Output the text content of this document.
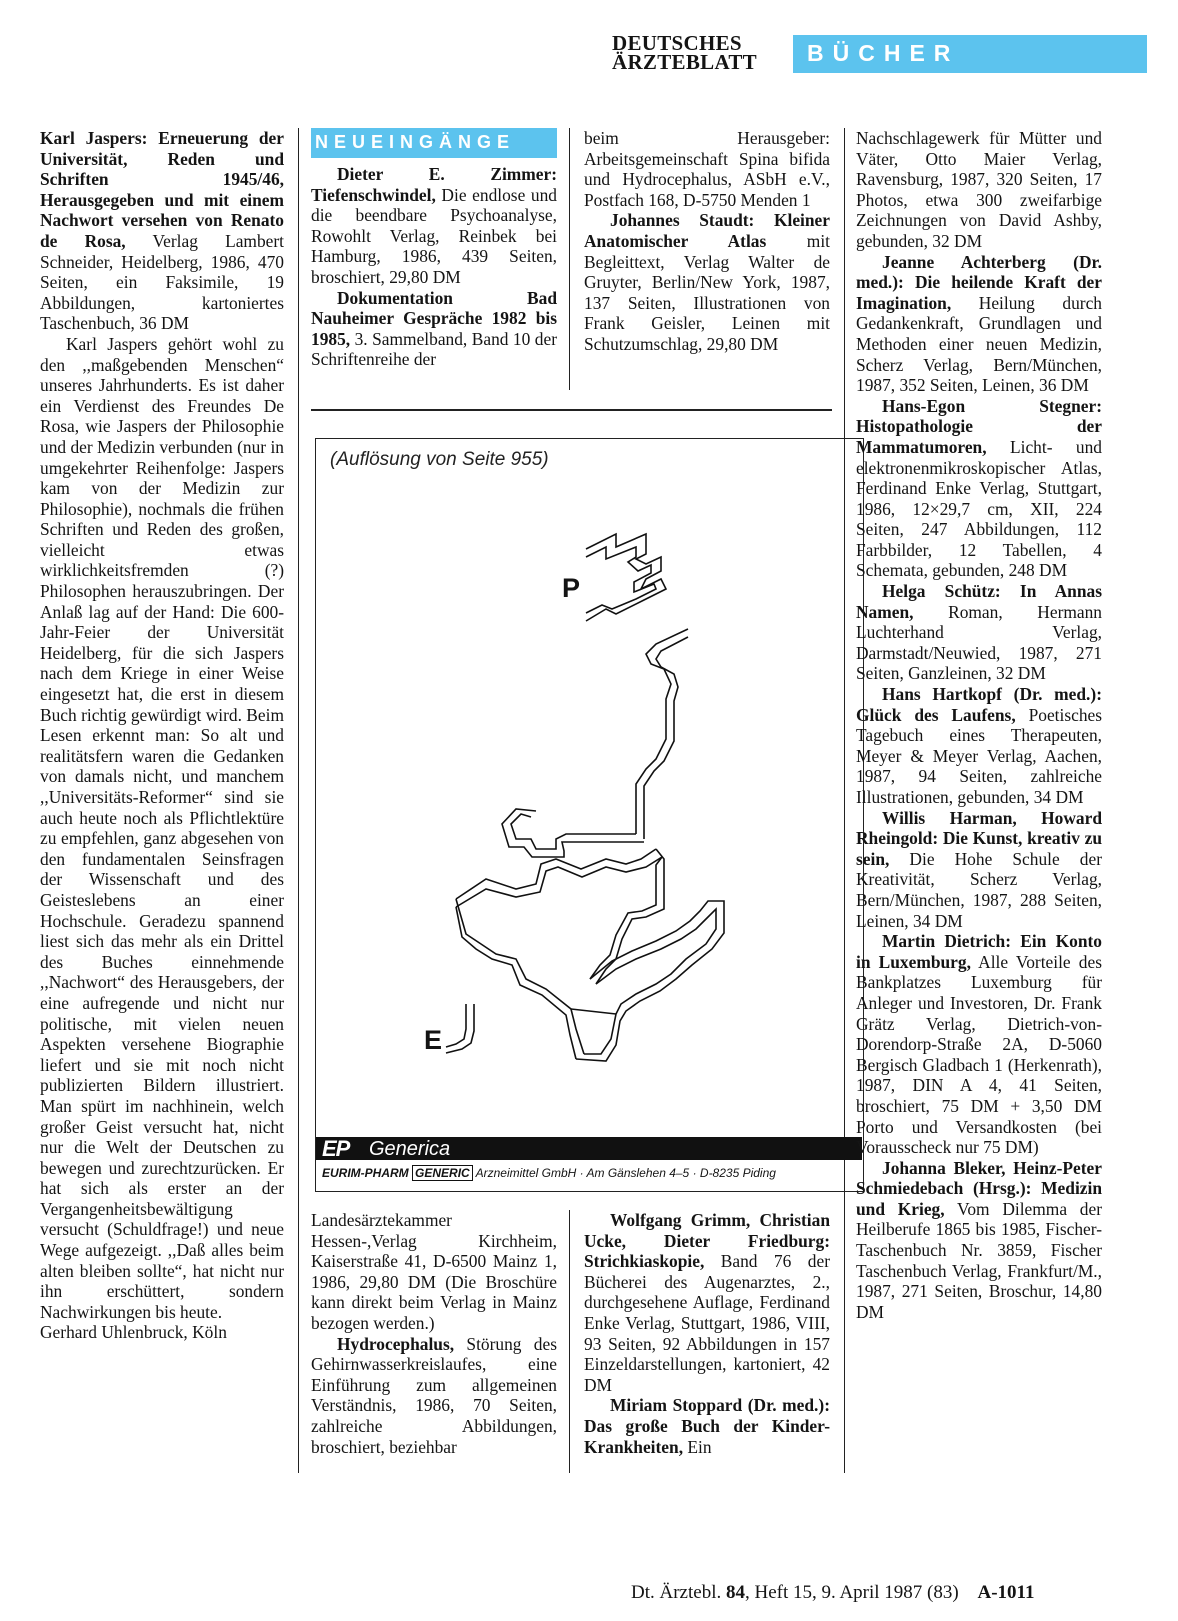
DEUTSCHES
ÄRZTEBLATT	BÜCHER

Karl Jaspers: Erneuerung der Universität, Reden und Schriften 1945/46, Herausgegeben und mit einem Nachwort versehen von Renato de Rosa, Verlag Lambert Schneider, Heidelberg, 1986, 470 Seiten, ein Faksimile, 19 Abbildungen, kartoniertes Taschenbuch, 36 DM

Karl Jaspers gehört wohl zu den ,,maßgebenden Menschen“ unseres Jahrhunderts. Es ist daher ein Verdienst des Freundes De Rosa, wie Jaspers der Philosophie und der Medizin verbunden (nur in umgekehrter Reihenfolge: Jaspers kam von der Medizin zur Philosophie), nochmals die frühen Schriften und Reden des großen, vielleicht etwas wirklichkeitsfremden (?) Philosophen herauszubringen. Der Anlaß lag auf der Hand: Die 600-Jahr-Feier der Universität Heidelberg, für die sich Jaspers nach dem Kriege in einer Weise eingesetzt hat, die erst in diesem Buch richtig gewürdigt wird. Beim Lesen erkennt man: So alt und realitätsfern waren die Gedanken von damals nicht, und manchem ,,Universitäts-Reformer“ sind sie auch heute noch als Pflichtlektüre zu empfehlen, ganz abgesehen von den fundamentalen Seinsfragen der Wissenschaft und des Geisteslebens an einer Hochschule. Geradezu spannend liest sich das mehr als ein Drittel des Buches einnehmende ,,Nachwort“ des Herausgebers, der eine aufregende und nicht nur politische, mit vielen neuen Aspekten versehene Biographie liefert und sie mit noch nicht publizierten Bildern illustriert. Man spürt im nachhinein, welch großer Geist versucht hat, nicht nur die Welt der Deutschen zu bewegen und zurechtzurücken. Er hat sich als erster an der Vergangenheitsbewältigung versucht (Schuldfrage!) und neue Wege aufgezeigt. ,,Daß alles beim alten bleiben sollte“, hat nicht nur ihn erschüttert, sondern Nachwirkungen bis heute.

Gerhard Uhlenbruck, Köln

NEUEINGÄNGE

Dieter E. Zimmer: Tiefenschwindel, Die endlose und die beendbare Psychoanalyse, Rowohlt Verlag, Reinbek bei Hamburg, 1986, 439 Seiten, broschiert, 29,80 DM

Dokumentation Bad Nauheimer Gespräche 1982 bis 1985, 3. Sammelband, Band 10 der Schriftenreihe der

beim Herausgeber: Arbeitsgemeinschaft Spina bifida und Hydrocephalus, ASbH e.V., Postfach 168, D-5750 Menden 1

Johannes Staudt: Kleiner Anatomischer Atlas mit Begleittext, Verlag Walter de Gruyter, Berlin/New York, 1987, 137 Seiten, Illustrationen von Frank Geisler, Leinen mit Schutzumschlag, 29,80 DM

(Auflösung von Seite 955)
P
E
EP Generica
EURIM-PHARM GENERIC Arzneimittel GmbH · Am Gänslehen 4–5 · D-8235 Piding

Landesärztekammer Hessen-,Verlag Kirchheim, Kaiserstraße 41, D-6500 Mainz 1, 1986, 29,80 DM (Die Broschüre kann direkt beim Verlag in Mainz bezogen werden.)

Hydrocephalus, Störung des Gehirnwasserkreislaufes, eine Einführung zum allgemeinen Verständnis, 1986, 70 Seiten, zahlreiche Abbildungen, broschiert, beziehbar

Wolfgang Grimm, Christian Ucke, Dieter Friedburg: Strichkiaskopie, Band 76 der Bücherei des Augenarztes, 2., durchgesehene Auflage, Ferdinand Enke Verlag, Stuttgart, 1986, VIII, 93 Seiten, 92 Abbildungen in 157 Einzeldarstellungen, kartoniert, 42 DM

Miriam Stoppard (Dr. med.): Das große Buch der Kinder-Krankheiten, Ein

Nachschlagewerk für Mütter und Väter, Otto Maier Verlag, Ravensburg, 1987, 320 Seiten, 17 Photos, etwa 300 zweifarbige Zeichnungen von David Ashby, gebunden, 32 DM

Jeanne Achterberg (Dr. med.): Die heilende Kraft der Imagination, Heilung durch Gedankenkraft, Grundlagen und Methoden einer neuen Medizin, Scherz Verlag, Bern/München, 1987, 352 Seiten, Leinen, 36 DM

Hans-Egon Stegner: Histopathologie der Mammatumoren, Licht- und elektronenmikroskopischer Atlas, Ferdinand Enke Verlag, Stuttgart, 1986, 12×29,7 cm, XII, 224 Seiten, 247 Abbildungen, 112 Farbbilder, 12 Tabellen, 4 Schemata, gebunden, 248 DM

Helga Schütz: In Annas Namen, Roman, Hermann Luchterhand Verlag, Darmstadt/Neuwied, 1987, 271 Seiten, Ganzleinen, 32 DM

Hans Hartkopf (Dr. med.): Glück des Laufens, Poetisches Tagebuch eines Therapeuten, Meyer & Meyer Verlag, Aachen, 1987, 94 Seiten, zahlreiche Illustrationen, gebunden, 34 DM

Willis Harman, Howard Rheingold: Die Kunst, kreativ zu sein, Die Hohe Schule der Kreativität, Scherz Verlag, Bern/München, 1987, 288 Seiten, Leinen, 34 DM

Martin Dietrich: Ein Konto in Luxemburg, Alle Vorteile des Bankplatzes Luxemburg für Anleger und Investoren, Dr. Frank Grätz Verlag, Dietrich-von-Dorendorp-Straße 2A, D-5060 Bergisch Gladbach 1 (Herkenrath), 1987, DIN A 4, 41 Seiten, broschiert, 75 DM + 3,50 DM Porto und Versandkosten (bei Vorausscheck nur 75 DM)

Johanna Bleker, Heinz-Peter Schmiedebach (Hrsg.): Medizin und Krieg, Vom Dilemma der Heilberufe 1865 bis 1985, Fischer-Taschenbuch Nr. 3859, Fischer Taschenbuch Verlag, Frankfurt/M., 1987, 271 Seiten, Broschur, 14,80 DM

Dt. Ärztebl. 84, Heft 15, 9. April 1987 (83) A-1011
